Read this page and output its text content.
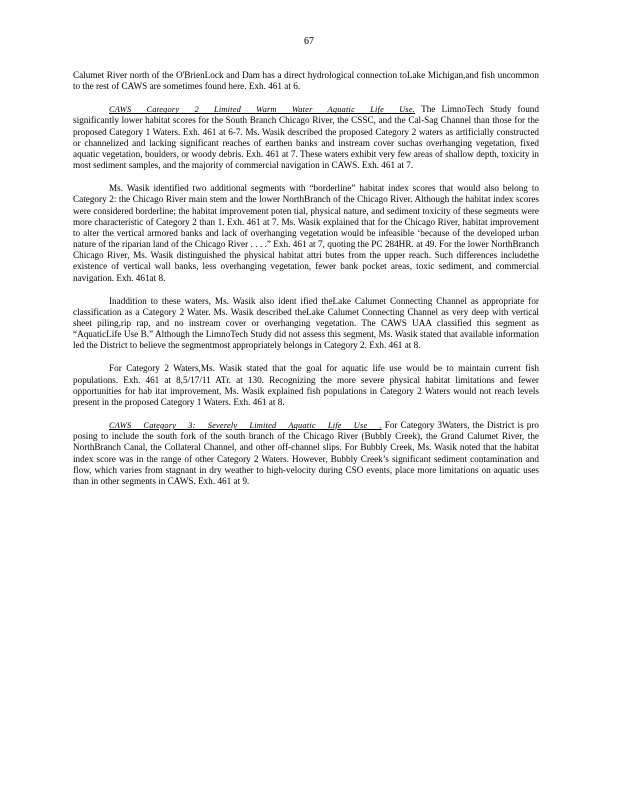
67

Calumet River north of the O'BrienLock and Dam has a direct hydrological connection toLake Michigan,and fish uncommon to the rest of CAWS are sometimes found here. Exh. 461 at 6.

CAWS Category 2 Limited Warm Water Aquatic Life Use. The LimnoTech Study found significantly lower habitat scores for the South Branch Chicago River, the CSSC, and the Cal-Sag Channel than those for the proposed Category 1 Waters. Exh. 461 at 6-7. Ms. Wasik described the proposed Category 2 waters as artificially constructed or channelized and lacking significant reaches of earthen banks and instream cover suchas overhanging vegetation, fixed aquatic vegetation, boulders, or woody debris. Exh. 461 at 7. These waters exhibit very few areas of shallow depth, toxicity in most sediment samples, and the majority of commercial navigation in CAWS. Exh. 461 at 7.

Ms. Wasik identified two additional segments with “borderline” habitat index scores that would also belong to Category 2: the Chicago River main stem and the lower NorthBranch of the Chicago River. Although the habitat index scores were considered borderline; the habitat improvement poten tial, physical nature, and sediment toxicity of these segments were more characteristic of Category 2 than 1. Exh. 461 at 7. Ms. Wasik explained that for the Chicago River, habitat improvement to alter the vertical armored banks and lack of overhanging vegetation would be infeasible ‘because of the developed urban nature of the riparian land of the Chicago River . . . .” Exh. 461 at 7, quoting the PC 284HR. at 49. For the lower NorthBranch Chicago River, Ms. Wasik distinguished the physical habitat attri butes from the upper reach. Such differences includethe existence of vertical wall banks, less overhanging vegetation, fewer bank pocket areas, toxic sediment, and commercial navigation. Exh. 461at 8.

Inaddition to these waters, Ms. Wasik also ident ified theLake Calumet Connecting Channel as appropriate for classification as a Category 2 Water. Ms. Wasik described theLake Calumet Connecting Channel as very deep with vertical sheet piling,rip rap, and no instream cover or overhanging vegetation. The CAWS UAA classified this segment as “AquaticLife Use B.” Although the LimnoTech Study did not assess this segment, Ms. Wasik stated that available information led the District to believe the segmentmost appropriately belongs in Category 2. Exh. 461 at 8.

For Category 2 Waters,Ms. Wasik stated that the goal for aquatic life use would be to maintain current fish populations. Exh. 461 at 8,5/17/11 ATr. at 130. Recognizing the more severe physical habitat limitations and fewer opportunities for hab itat improvement, Ms. Wasik explained fish populations in Category 2 Waters would not reach levels present in the proposed Category 1 Waters. Exh. 461 at 8.

CAWS Category 3: Severely Limited Aquatic Life Use . For Category 3Waters, the District is pro posing to include the south fork of the south branch of the Chicago River (Bubbly Creek), the Grand Calumet River, the NorthBranch Canal, the Collateral Channel, and other off-channel slips. For Bubbly Creek, Ms. Wasik noted that the habitat index score was in the range of other Category 2 Waters. However, Bubbly Creek’s significant sediment contamination and flow, which varies from stagnant in dry weather to high-velocity during CSO events, place more limitations on aquatic uses than in other segments in CAWS. Exh. 461 at 9.
